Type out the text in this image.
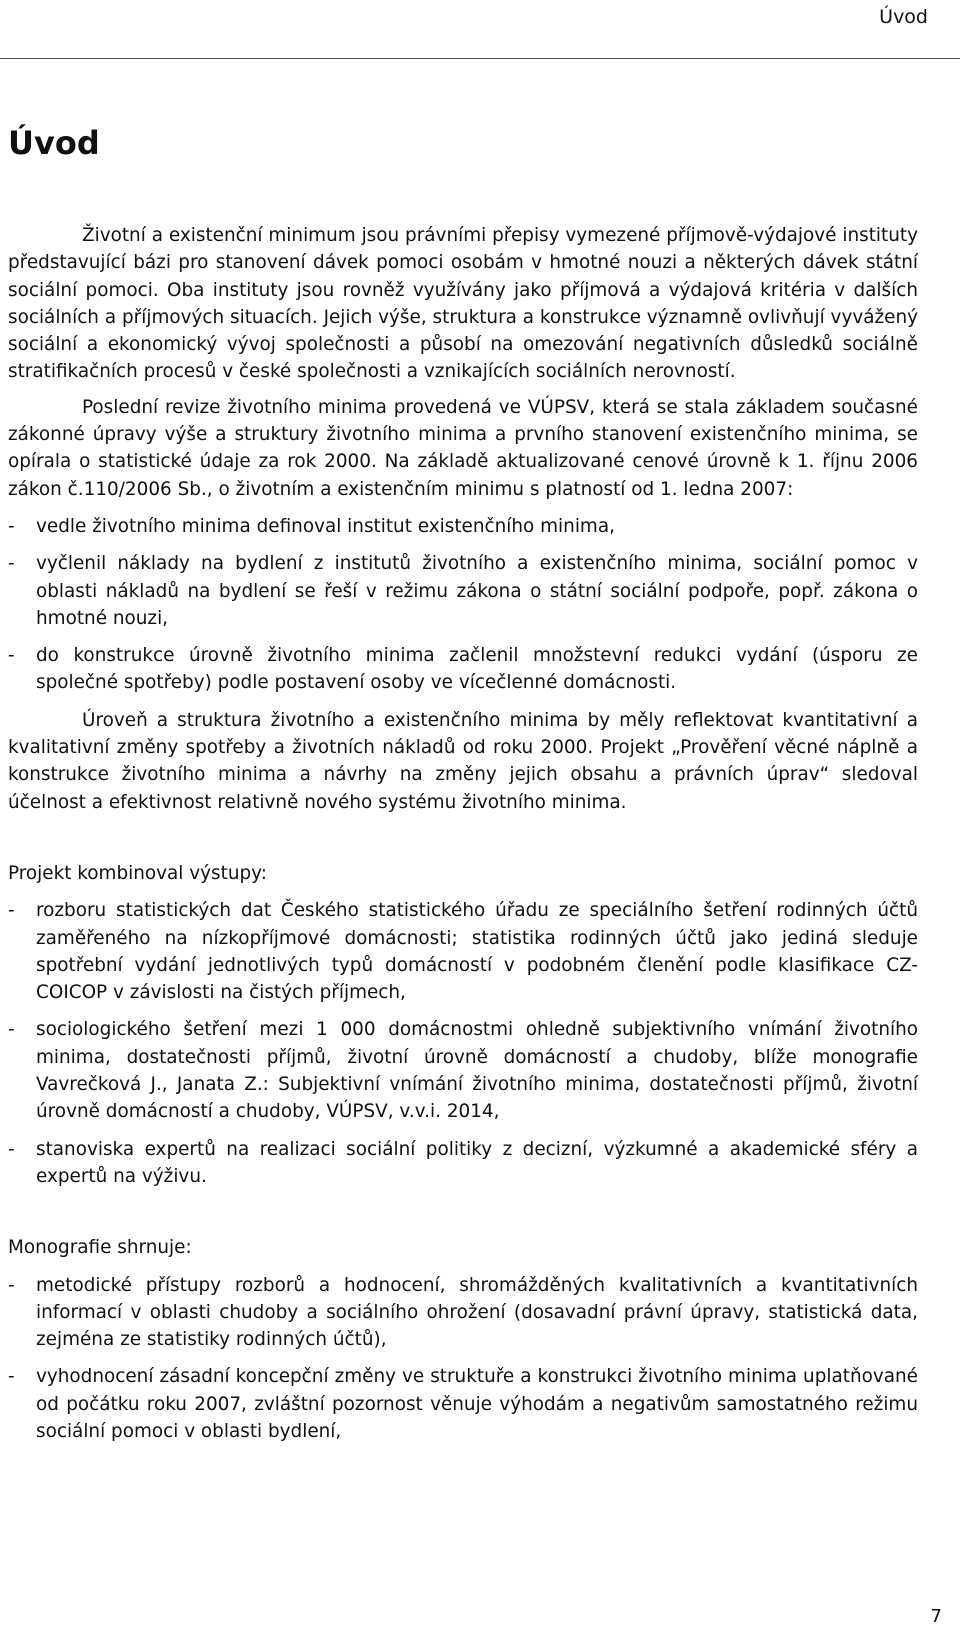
Úvod
Úvod

Životní a existenční minimum jsou právními přepisy vymezené příjmově-výdajové instituty představující bázi pro stanovení dávek pomoci osobám v hmotné nouzi a některých dávek státní sociální pomoci. Oba instituty jsou rovněž využívány jako příjmová a výdajová kritéria v dalších sociálních a příjmových situacích. Jejich výše, struktura a konstrukce významně ovlivňují vyvážený sociální a ekonomický vývoj společnosti a působí na omezování negativních důsledků sociálně stratifikačních procesů v české společnosti a vznikajících sociálních nerovností.

Poslední revize životního minima provedená ve VÚPSV, která se stala základem současné zákonné úpravy výše a struktury životního minima a prvního stanovení existenčního minima, se opírala o statistické údaje za rok 2000. Na základě aktualizované cenové úrovně k 1. říjnu 2006 zákon č.110/2006 Sb., o životním a existenčním minimu s platností od 1. ledna 2007:

- vedle životního minima definoval institut existenčního minima,
- vyčlenil náklady na bydlení z institutů životního a existenčního minima, sociální pomoc v oblasti nákladů na bydlení se řeší v režimu zákona o státní sociální podpoře, popř. zákona o hmotné nouzi,
- do konstrukce úrovně životního minima začlenil množstevní redukci vydání (úsporu ze společné spotřeby) podle postavení osoby ve vícečlenné domácnosti.

Úroveň a struktura životního a existenčního minima by měly reflektovat kvantitativní a kvalitativní změny spotřeby a životních nákladů od roku 2000. Projekt „Prověření věcné náplně a konstrukce životního minima a návrhy na změny jejich obsahu a právních úprav“ sledoval účelnost a efektivnost relativně nového systému životního minima.

Projekt kombinoval výstupy:

- rozboru statistických dat Českého statistického úřadu ze speciálního šetření rodinných účtů zaměřeného na nízkopříjmové domácnosti; statistika rodinných účtů jako jediná sleduje spotřební vydání jednotlivých typů domácností v podobném členění podle klasifikace CZ-COICOP v závislosti na čistých příjmech,
- sociologického šetření mezi 1 000 domácnostmi ohledně subjektivního vnímání životního minima, dostatečnosti příjmů, životní úrovně domácností a chudoby, blíže monografie Vavrečková J., Janata Z.: Subjektivní vnímání životního minima, dostatečnosti příjmů, životní úrovně domácností a chudoby, VÚPSV, v.v.i. 2014,
- stanoviska expertů na realizaci sociální politiky z decizní, výzkumné a akademické sféry a expertů na výživu.

Monografie shrnuje:

- metodické přístupy rozborů a hodnocení, shromážděných kvalitativních a kvantitativních informací v oblasti chudoby a sociálního ohrožení (dosavadní právní úpravy, statistická data, zejména ze statistiky rodinných účtů),
- vyhodnocení zásadní koncepční změny ve struktuře a konstrukci životního minima uplatňované od počátku roku 2007, zvláštní pozornost věnuje výhodám a negativům samostatného režimu sociální pomoci v oblasti bydlení,
7
